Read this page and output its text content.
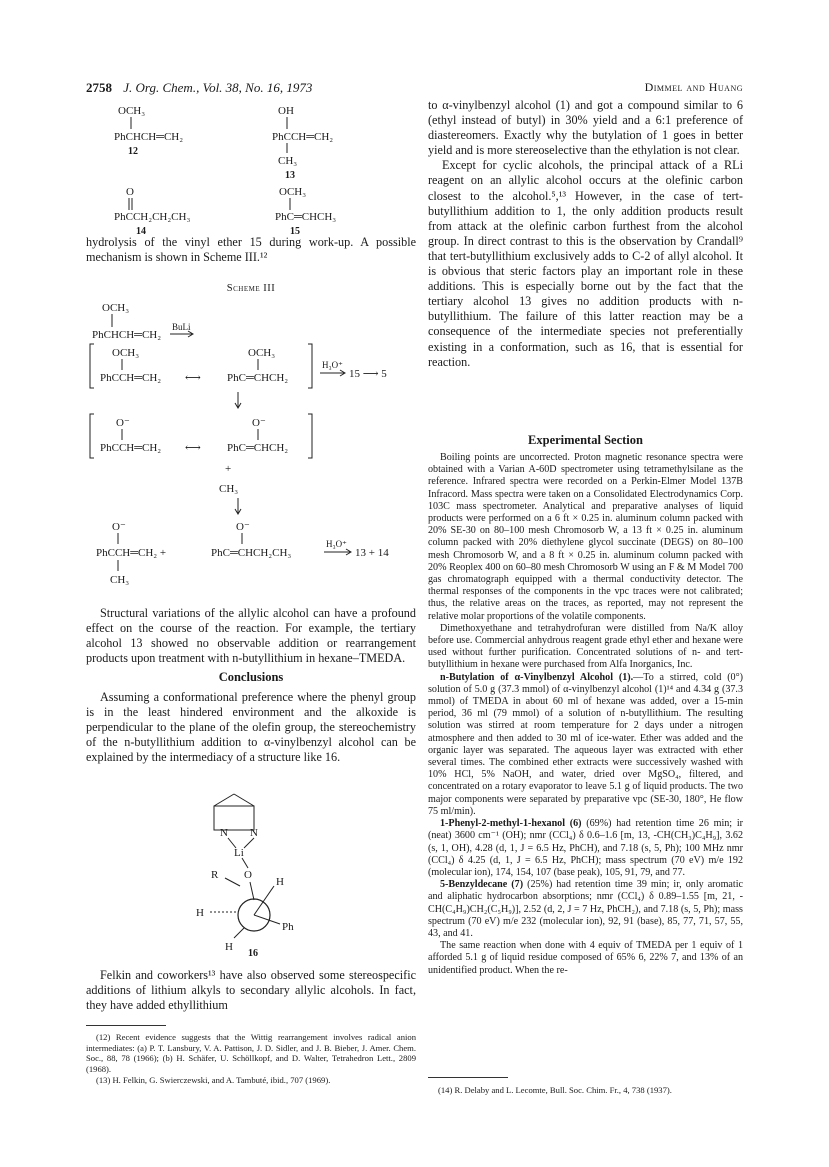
2758 J. Org. Chem., Vol. 38, No. 16, 1973	Dimmel and Huang
OCH₃
PhCHCH═CH₂
12
OH
PhCCH═CH₂
CH₃
13
O
PhCCH₂CH₂CH₃
14
OCH₃
PhC═CHCH₃
15

hydrolysis of the vinyl ether 15 during work-up. A possible mechanism is shown in Scheme III.¹²

Scheme III
OCH₃
PhCHCH═CH₂
BuLi
OCH₃
PhCCH═CH₂ ⟷
OCH₃
PhC═CHCH₂
H₃O⁺
15 ⟶ 5
O⁻
PhCCH═CH₂ ⟷
O⁻
PhC═CHCH₂
+
CH₃
O⁻
PhCCH═CH₂ +
O⁻
PhC═CHCH₂CH₃
H₃O⁺
13 + 14
CH₃

Structural variations of the allylic alcohol can have a profound effect on the course of the reaction. For example, the tertiary alcohol 13 showed no observable addition or rearrangement products upon treatment with n-butyllithium in hexane–TMEDA.

Conclusions

Assuming a conformational preference where the phenyl group is in the least hindered environment and the alkoxide is perpendicular to the plane of the olefin group, the stereochemistry of the n-butyllithium addition to α-vinylbenzyl alcohol can be explained by the intermediacy of a structure like 16.

N N
Li
R O
H
H
Ph
H
16

Felkin and coworkers¹³ have also observed some stereospecific additions of lithium alkyls to secondary allylic alcohols. In fact, they have added ethyllithium

(12) Recent evidence suggests that the Wittig rearrangement involves radical anion intermediates: (a) P. T. Lansbury, V. A. Pattison, J. D. Sidler, and J. B. Bieber, J. Amer. Chem. Soc., 88, 78 (1966); (b) H. Schäfer, U. Schöllkopf, and D. Walter, Tetrahedron Lett., 2809 (1968).

(13) H. Felkin, G. Swierczewski, and A. Tambuté, ibid., 707 (1969).

to α-vinylbenzyl alcohol (1) and got a compound similar to 6 (ethyl instead of butyl) in 30% yield and a 6:1 preference of diastereomers. Exactly why the butylation of 1 goes in better yield and is more stereoselective than the ethylation is not clear.

Except for cyclic alcohols, the principal attack of a RLi reagent on an allylic alcohol occurs at the olefinic carbon closest to the alcohol.⁵,¹³ However, in the case of tert-butyllithium addition to 1, the only addition products result from attack at the olefinic carbon furthest from the alcohol group. In direct contrast to this is the observation by Crandall⁹ that tert-butyllithium exclusively adds to C-2 of allyl alcohol. It is obvious that steric factors play an important role in these additions. This is especially borne out by the fact that the tertiary alcohol 13 gives no addition products with n-butyllithium. The failure of this latter reaction may be a consequence of the intermediate species not preferentially existing in a conformation, such as 16, that is essential for reaction.

Experimental Section

Boiling points are uncorrected. Proton magnetic resonance spectra were obtained with a Varian A-60D spectrometer using tetramethylsilane as the reference. Infrared spectra were recorded on a Perkin-Elmer Model 137B Infracord. Mass spectra were taken on a Consolidated Electrodynamics Corp. 103C mass spectrometer. Analytical and preparative analyses of liquid products were performed on a 6 ft × 0.25 in. aluminum column packed with 20% SE-30 on 80–100 mesh Chromosorb W, a 13 ft × 0.25 in. aluminum column packed with 20% diethylene glycol succinate (DEGS) on 80–100 mesh Chromosorb W, and a 8 ft × 0.25 in. aluminum column packed with 20% Reoplex 400 on 60–80 mesh Chromosorb W using an F & M Model 700 gas chromatograph equipped with a thermal conductivity detector. The thermal responses of the components in the vpc traces were not calibrated; thus, the relative areas on the traces, as reported, may not represent the relative molar proportions of the volatile components.

Dimethoxyethane and tetrahydrofuran were distilled from Na/K alloy before use. Commercial anhydrous reagent grade ethyl ether and hexane were used without further purification. Concentrated solutions of n- and tert-butyllithium in hexane were purchased from Alfa Inorganics, Inc.

n-Butylation of α-Vinylbenzyl Alcohol (1).—To a stirred, cold (0°) solution of 5.0 g (37.3 mmol) of α-vinylbenzyl alcohol (1)¹⁴ and 4.34 g (37.3 mmol) of TMEDA in about 60 ml of hexane was added, over a 15-min period, 36 ml (79 mmol) of a solution of n-butyllithium. The resulting solution was stirred at room temperature for 2 days under a nitrogen atmosphere and then added to 30 ml of ice-water. Ether was added and the organic layer was separated. The aqueous layer was extracted with ether several times. The combined ether extracts were successively washed with 10% HCl, 5% NaOH, and water, dried over MgSO₄, filtered, and concentrated on a rotary evaporator to leave 5.1 g of liquid products. The two major components were separated by preparative vpc (SE-30, 180°, He flow 75 ml/min).

1-Phenyl-2-methyl-1-hexanol (6) (69%) had retention time 26 min; ir (neat) 3600 cm⁻¹ (OH); nmr (CCl₄) δ 0.6–1.6 [m, 13, -CH(CH₃)C₄H₉], 3.62 (s, 1, OH), 4.28 (d, 1, J = 6.5 Hz, PhCH), and 7.18 (s, 5, Ph); 100 MHz nmr (CCl₄) δ 4.25 (d, 1, J = 6.5 Hz, PhCH); mass spectrum (70 eV) m/e 192 (molecular ion), 174, 154, 107 (base peak), 105, 91, 79, and 77.

5-Benzyldecane (7) (25%) had retention time 39 min; ir, only aromatic and aliphatic hydrocarbon absorptions; nmr (CCl₄) δ 0.89–1.55 [m, 21, -CH(C₄H₉)CH₂(C₅H₉)], 2.52 (d, 2, J = 7 Hz, PhCH₂), and 7.18 (s, 5, Ph); mass spectrum (70 eV) m/e 232 (molecular ion), 92, 91 (base), 85, 77, 71, 57, 55, 43, and 41.

The same reaction when done with 4 equiv of TMEDA per 1 equiv of 1 afforded 5.1 g of liquid residue composed of 65% 6, 22% 7, and 13% of an unidentified product. When the re-

(14) R. Delaby and L. Lecomte, Bull. Soc. Chim. Fr., 4, 738 (1937).
